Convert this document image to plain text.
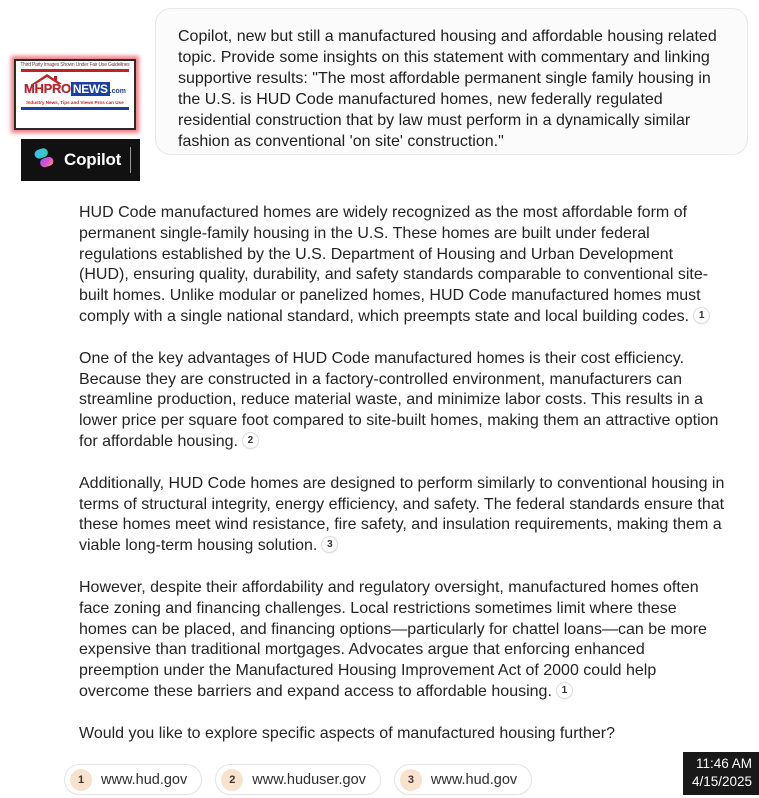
Copilot, new but still a manufactured housing and affordable housing related topic. Provide some insights on this statement with commentary and linking supportive results: "The most affordable permanent single family housing in the U.S. is HUD Code manufactured homes, new federally regulated residential construction that by law must perform in a dynamically similar fashion as conventional 'on site' construction."
Third Party Images Shown Under Fair Use Guidelines
MHPRO NEWS .com
Industry News, Tips and Views Pros can Use
Copilot

HUD Code manufactured homes are widely recognized as the most affordable form of permanent single-family housing in the U.S. These homes are built under federal regulations established by the U.S. Department of Housing and Urban Development (HUD), ensuring quality, durability, and safety standards comparable to conventional site-built homes. Unlike modular or panelized homes, HUD Code manufactured homes must comply with a single national standard, which preempts state and local building codes. 1

One of the key advantages of HUD Code manufactured homes is their cost efficiency. Because they are constructed in a factory-controlled environment, manufacturers can streamline production, reduce material waste, and minimize labor costs. This results in a lower price per square foot compared to site-built homes, making them an attractive option for affordable housing. 2

Additionally, HUD Code homes are designed to perform similarly to conventional housing in terms of structural integrity, energy efficiency, and safety. The federal standards ensure that these homes meet wind resistance, fire safety, and insulation requirements, making them a viable long-term housing solution. 3

However, despite their affordability and regulatory oversight, manufactured homes often face zoning and financing challenges. Local restrictions sometimes limit where these homes can be placed, and financing options—particularly for chattel loans—can be more expensive than traditional mortgages. Advocates argue that enforcing enhanced preemption under the Manufactured Housing Improvement Act of 2000 could help overcome these barriers and expand access to affordable housing. 1

Would you like to explore specific aspects of manufactured housing further?

1	www.hud.gov	2	www.huduser.gov	3	www.hud.gov
11:46 AM
4/15/2025
